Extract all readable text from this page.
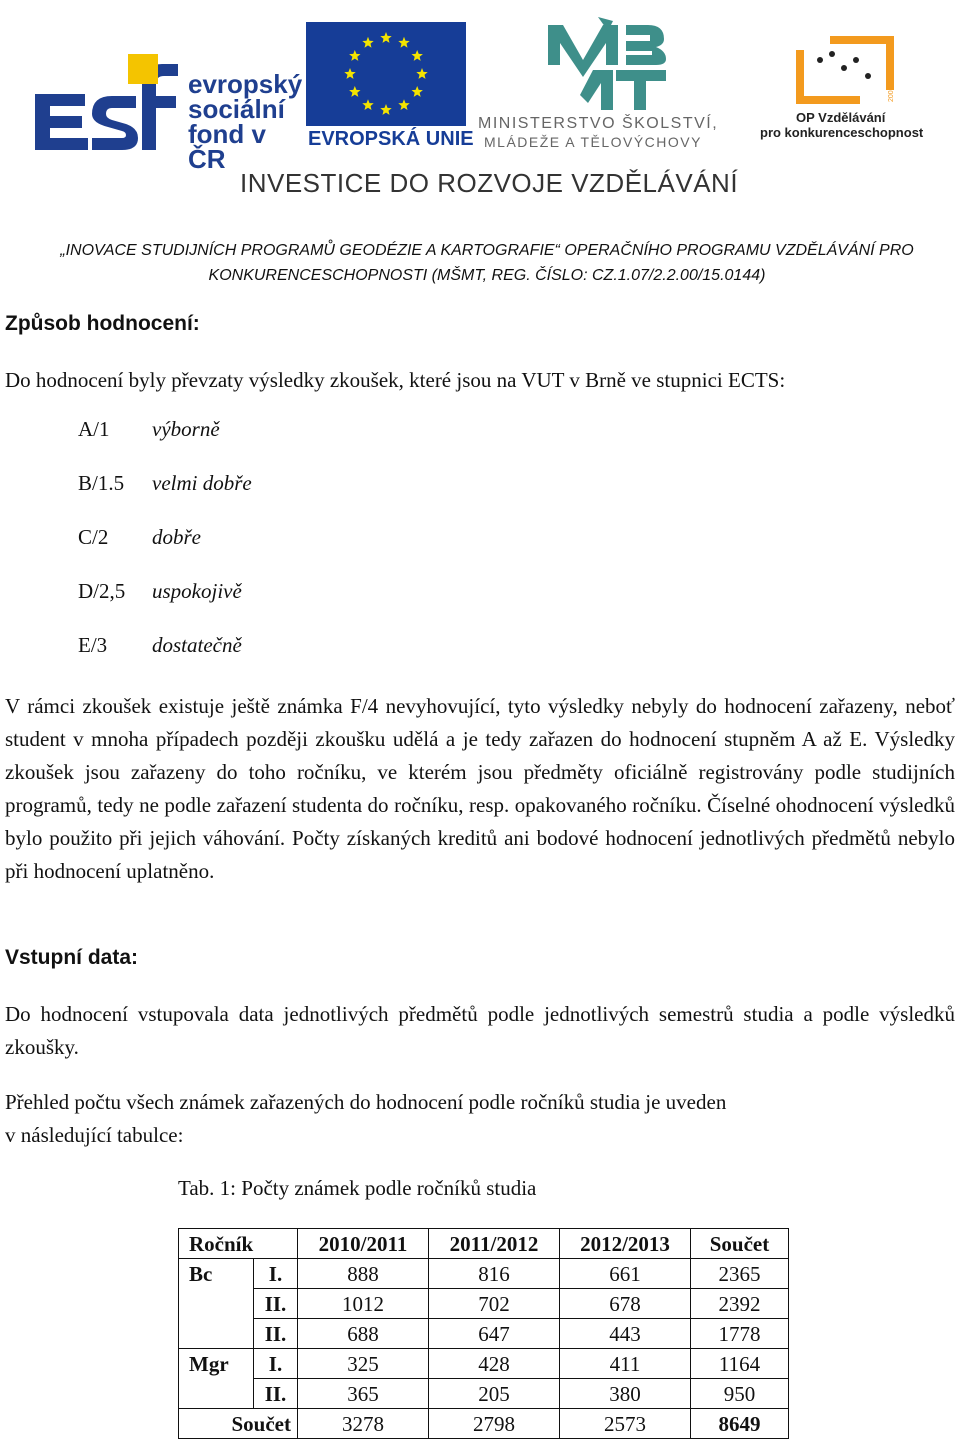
evropský
sociální
fond v ČR
EVROPSKÁ UNIE
MINISTERSTVO ŠKOLSTVÍ,
MLÁDEŽE A TĚLOVÝCHOVY
2007-13
OP Vzdělávání
pro konkurenceschopnost
INVESTICE DO ROZVOJE VZDĚLÁVÁNÍ
„INOVACE STUDIJNÍCH PROGRAMŮ GEODÉZIE A KARTOGRAFIE“ OPERAČNÍHO PROGRAMU VZDĚLÁVÁNÍ PRO
KONKURENCESCHOPNOSTI (MŠMT, REG. ČÍSLO: CZ.1.07/2.2.00/15.0144)
Způsob hodnocení:
Do hodnocení byly převzaty výsledky zkoušek, které jsou na VUT v Brně ve stupnici ECTS:
A/1 výborně
B/1.5 velmi dobře
C/2 dobře
D/2,5 uspokojivě
E/3 dostatečně
V rámci zkoušek existuje ještě známka F/4 nevyhovující, tyto výsledky nebyly do hodnocení zařazeny, neboť student v mnoha případech později zkoušku udělá a je tedy zařazen do hodnocení stupněm A až E. Výsledky zkoušek jsou zařazeny do toho ročníku, ve kterém jsou předměty oficiálně registrovány podle studijních programů, tedy ne podle zařazení studenta do ročníku, resp. opakovaného ročníku. Číselné ohodnocení výsledků bylo použito při jejich váhování. Počty získaných kreditů ani bodové hodnocení jednotlivých předmětů nebylo při hodnocení uplatněno.
Vstupní data:
Do hodnocení vstupovala data jednotlivých předmětů podle jednotlivých semestrů studia a podle výsledků zkoušky.
Přehled počtu všech známek zařazených do hodnocení podle ročníků studia je uveden
v následující tabulce:
Tab. 1: Počty známek podle ročníků studia
Ročník		2010/2011	2011/2012	2012/2013	Součet
Bc	I.	888	816	661	2365
	II.	1012	702	678	2392
	II.	688	647	443	1778
Mgr	I.	325	428	411	1164
	II.	365	205	380	950
Součet		3278	2798	2573	8649
